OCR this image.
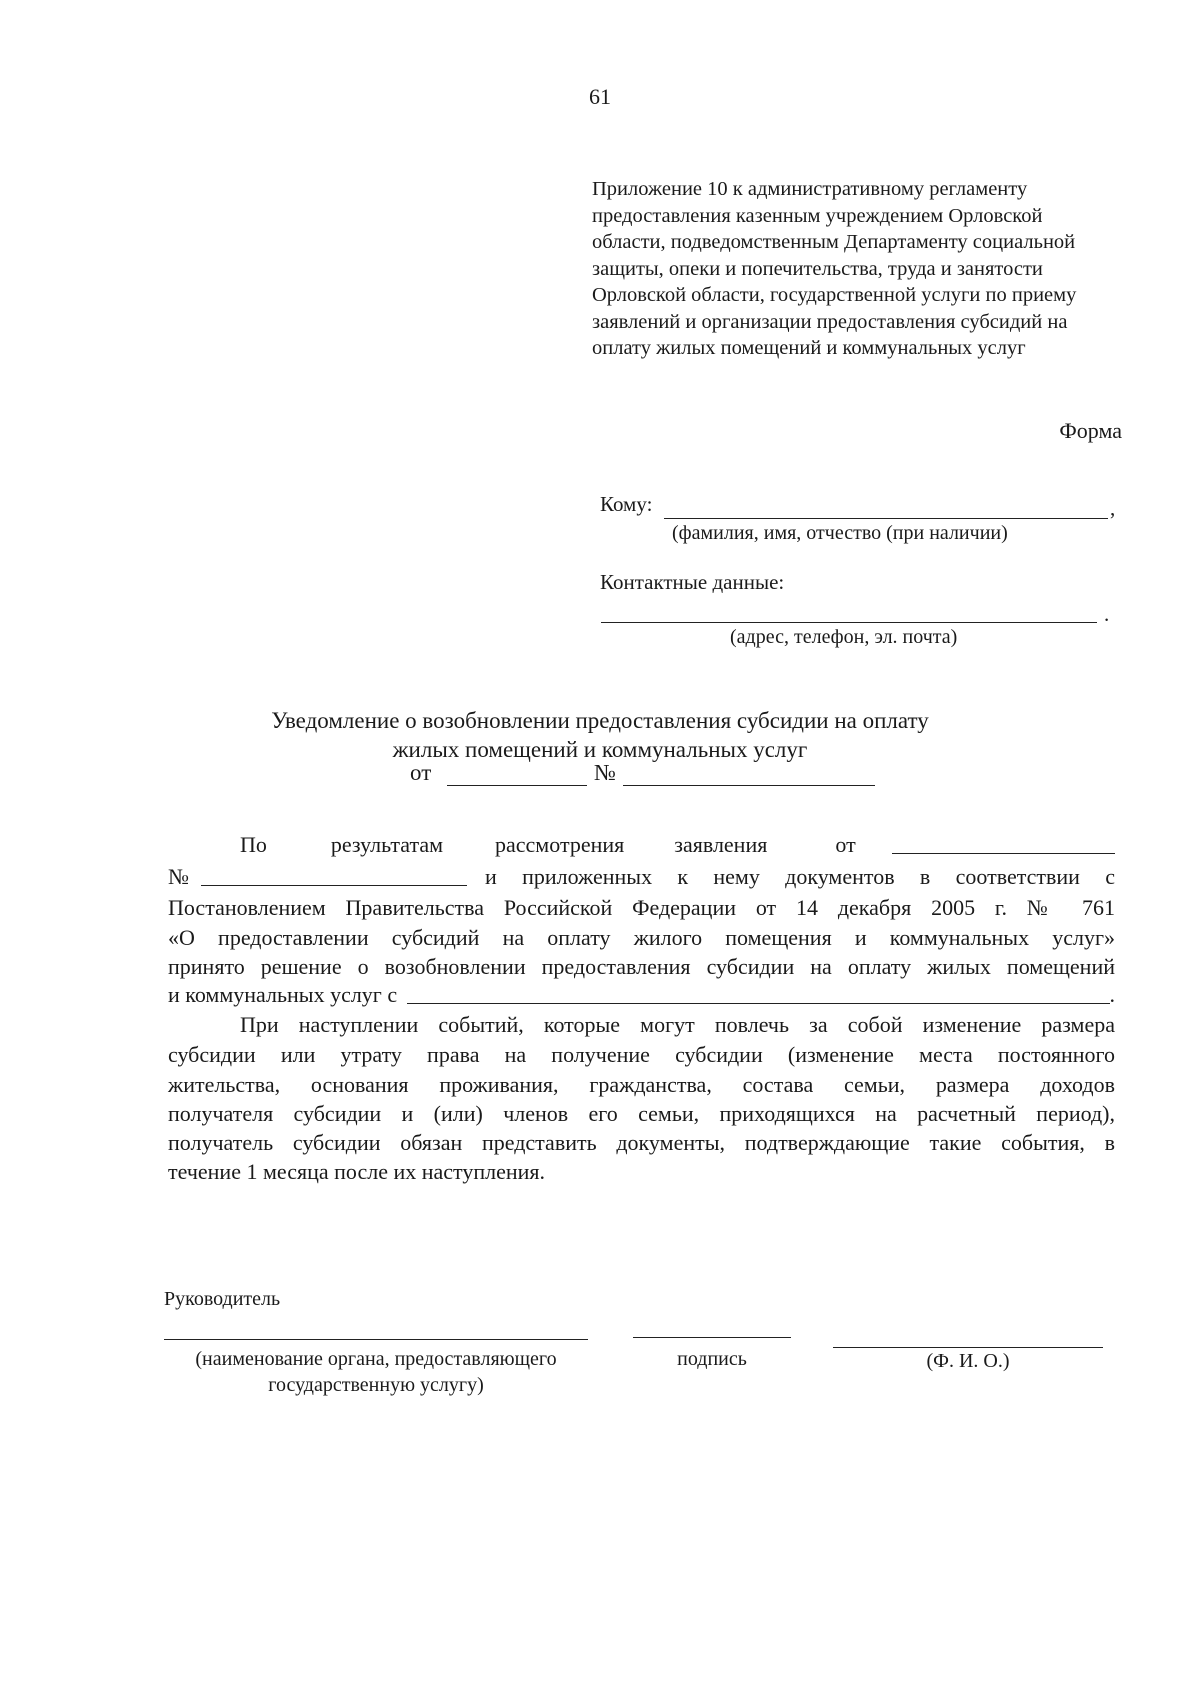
61
Приложение 10 к административному регламенту
предоставления казенным учреждением Орловской
области, подведомственным Департаменту социальной
защиты, опеки и попечительства, труда и занятости
Орловской области, государственной услуги по приему
заявлений и организации предоставления субсидий на
оплату жилых помещений и коммунальных услуг
Форма
Кому:	,
(фамилия, имя, отчество (при наличии)
Контактные данные:
.
(адрес, телефон, эл. почта)
Уведомление о возобновлении предоставления субсидии на оплату
жилых помещений и коммунальных услуг
от	№
По	результатам рассмотрения заявления	от
№	и приложенных к нему документов в соответствии с
Постановлением Правительства Российской Федерации от 14 декабря 2005 г. № 761
«О предоставлении субсидий на оплату жилого помещения и коммунальных услуг»
принято решение о возобновлении предоставления субсидии на оплату жилых помещений
и коммунальных услуг с	.
При наступлении событий, которые могут повлечь за собой изменение размера
субсидии или утрату права на получение субсидии (изменение места постоянного
жительства, основания проживания, гражданства, состава семьи, размера доходов
получателя субсидии и (или) членов его семьи, приходящихся на расчетный период),
получатель субсидии обязан представить документы, подтверждающие такие события, в
течение 1 месяца после их наступления.
Руководитель
(наименование органа, предоставляющего
государственную услугу)
подпись	(Ф. И. О.)
